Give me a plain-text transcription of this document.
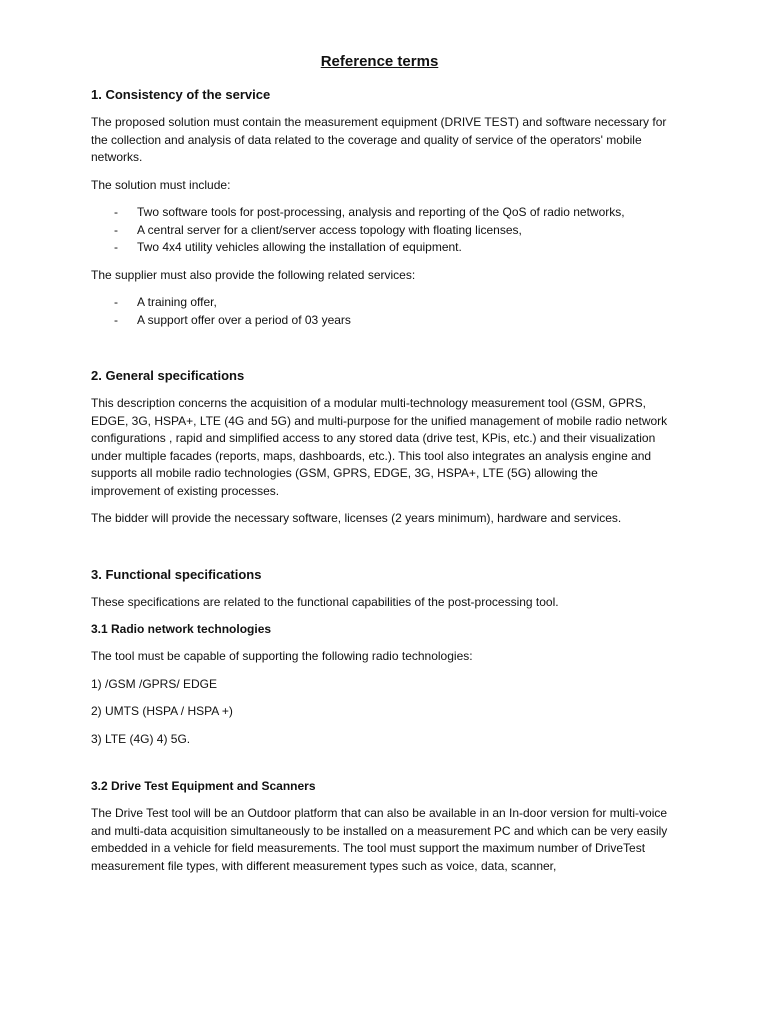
Reference terms
1. Consistency of the service

The proposed solution must contain the measurement equipment (DRIVE TEST) and software necessary for the collection and analysis of data related to the coverage and quality of service of the operators' mobile networks.

The solution must include:

- Two software tools for post-processing, analysis and reporting of the QoS of radio networks,
- A central server for a client/server access topology with floating licenses,
- Two 4x4 utility vehicles allowing the installation of equipment.

The supplier must also provide the following related services:

- A training offer,
- A support offer over a period of 03 years
2. General specifications

This description concerns the acquisition of a modular multi-technology measurement tool (GSM, GPRS, EDGE, 3G, HSPA+, LTE (4G and 5G) and multi-purpose for the unified management of mobile radio network configurations , rapid and simplified access to any stored data (drive test, KPis, etc.) and their visualization under multiple facades (reports, maps, dashboards, etc.). This tool also integrates an analysis engine and supports all mobile radio technologies (GSM, GPRS, EDGE, 3G, HSPA+, LTE (5G) allowing the improvement of existing processes.

The bidder will provide the necessary software, licenses (2 years minimum), hardware and services.

3. Functional specifications

These specifications are related to the functional capabilities of the post-processing tool.

3.1 Radio network technologies

The tool must be capable of supporting the following radio technologies:

1) /GSM /GPRS/ EDGE

2) UMTS (HSPA / HSPA +)

3) LTE (4G) 4) 5G.

3.2 Drive Test Equipment and Scanners

The Drive Test tool will be an Outdoor platform that can also be available in an In-door version for multi-voice and multi-data acquisition simultaneously to be installed on a measurement PC and which can be very easily embedded in a vehicle for field measurements. The tool must support the maximum number of DriveTest measurement file types, with different measurement types such as voice, data, scanner,
